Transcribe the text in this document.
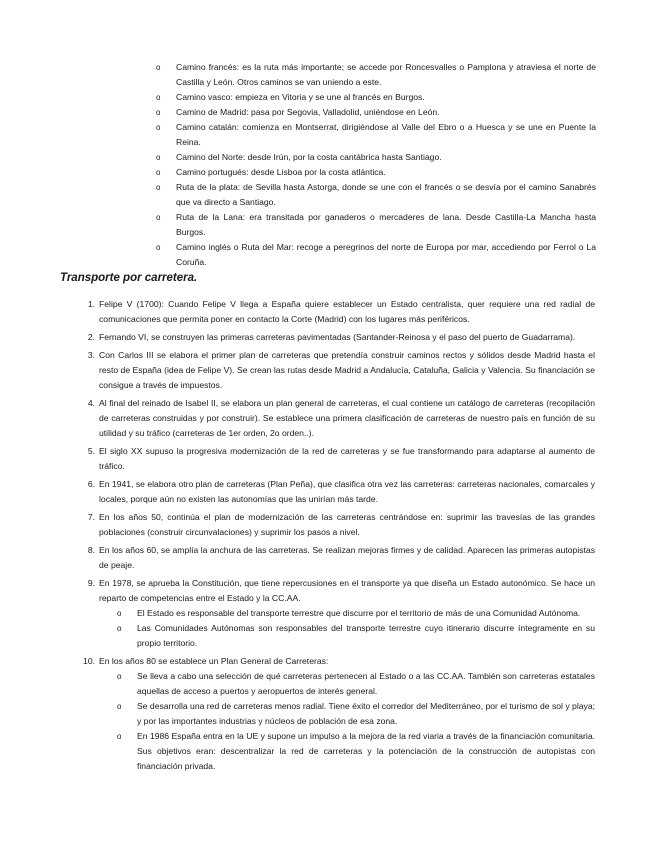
o Camino francés: es la ruta más importante; se accede por Roncesvalles o Pamplona y atraviesa el norte de Castilla y León. Otros caminos se van uniendo a este.
o Camino vasco: empieza en Vitoria y se une al francés en Burgos.
o Camino de Madrid: pasa por Segovia, Valladolid, uniéndose en León.
o Camino catalán: comienza en Montserrat, dirigiéndose al Valle del Ebro o a Huesca y se une en Puente la Reina.
o Camino del Norte: desde Irún, por la costa cantábrica hasta Santiago.
o Camino portugués: desde Lisboa por la costa atlántica.
o Ruta de la plata: de Sevilla hasta Astorga, donde se une con el francés o se desvía por el camino Sanabrés que va directo a Santiago.
o Ruta de la Lana: era transitada por ganaderos o mercaderes de lana. Desde Castilla-La Mancha hasta Burgos.
o Camino inglés o Ruta del Mar: recoge a peregrinos del norte de Europa por mar, accediendo por Ferrol o La Coruña.
Transporte por carretera.
1. Felipe V (1700): Cuando Felipe V llega a España quiere establecer un Estado centralista, quer requiere una red radial de comunicaciones que permita poner en contacto la Corte (Madrid) con los lugares más periféricos.
2. Fernando VI, se construyen las primeras carreteras pavimentadas (Santander-Reinosa y el paso del puerto de Guadarrama).
3. Con Carlos III se elabora el primer plan de carreteras que pretendía construir caminos rectos y sólidos desde Madrid hasta el resto de España (idea de Felipe V). Se crean las rutas desde Madrid a Andalucía, Cataluña, Galicia y Valencia. Su financiación se consigue a través de impuestos.
4. Al final del reinado de Isabel II, se elabora un plan general de carreteras, el cual contiene un catálogo de carreteras (recopilación de carreteras construidas y por construir). Se establece una primera clasificación de carreteras de nuestro país en función de su utilidad y su tráfico (carreteras de 1er orden, 2o orden..).
5. El siglo XX supuso la progresiva modernización de la red de carreteras y se fue transformando para adaptarse al aumento de tráfico.
6. En 1941, se elabora otro plan de carreteras (Plan Peña), que clasifica otra vez las carreteras: carreteras nacionales, comarcales y locales, porque aún no existen las autonomías que las unirían más tarde.
7. En los años 50, continúa el plan de modernización de las carreteras centrándose en: suprimir las travesías de las grandes poblaciones (construir circunvalaciones) y suprimir los pasos a nivel.
8. En los años 60, se amplía la anchura de las carreteras. Se realizan mejoras firmes y de calidad. Aparecen las primeras autopistas de peaje.
9. En 1978, se aprueba la Constitución, que tiene repercusiones en el transporte ya que diseña un Estado autonómico. Se hace un reparto de competencias entre el Estado y la CC.AA.
o El Estado es responsable del transporte terrestre que discurre por el territorio de más de una Comunidad Autónoma.
o Las Comunidades Autónomas son responsables del transporte terrestre cuyo itinerario discurre íntegramente en su propio territorio.
10. En los años 80 se establece un Plan General de Carreteras:
o Se lleva a cabo una selección de qué carreteras pertenecen al Estado o a las CC.AA. También son carreteras estatales aquellas de acceso a puertos y aeropuertos de interés general.
o Se desarrolla una red de carreteras menos radial. Tiene éxito el corredor del Mediterráneo, por el turismo de sol y playa; y por las importantes industrias y núcleos de población de esa zona.
o En 1986 España entra en la UE y supone un impulso a la mejora de la red viaria a través de la financiación comunitaria. Sus objetivos eran: descentralizar la red de carreteras y la potenciación de la construcción de autopistas con financiación privada.
